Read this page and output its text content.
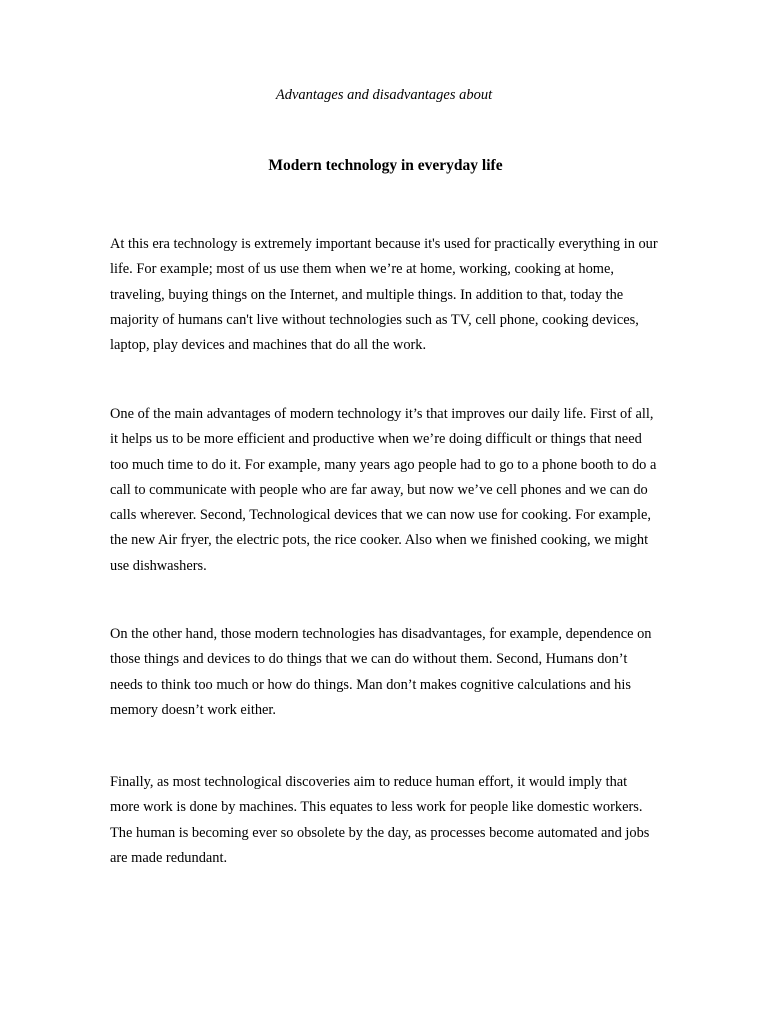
Advantages and disadvantages about
Modern technology in everyday life

At this era technology is extremely important because it's used for practically everything in our life. For example; most of us use them when we’re at home, working, cooking at home, traveling, buying things on the Internet, and multiple things. In addition to that, today the majority of humans can't live without technologies such as TV, cell phone, cooking devices, laptop, play devices and machines that do all the work.

One of the main advantages of modern technology it’s that improves our daily life. First of all, it helps us to be more efficient and productive when we’re doing difficult or things that need too much time to do it. For example, many years ago people had to go to a phone booth to do a call to communicate with people who are far away, but now we’ve cell phones and we can do calls wherever. Second, Technological devices that we can now use for cooking. For example, the new Air fryer, the electric pots, the rice cooker. Also when we finished cooking, we might use dishwashers.

On the other hand, those modern technologies has disadvantages, for example, dependence on those things and devices to do things that we can do without them. Second, Humans don’t needs to think too much or how do things. Man don’t makes cognitive calculations and his memory doesn’t work either.

Finally, as most technological discoveries aim to reduce human effort, it would imply that more work is done by machines. This equates to less work for people like domestic workers. The human is becoming ever so obsolete by the day, as processes become automated and jobs are made redundant.
